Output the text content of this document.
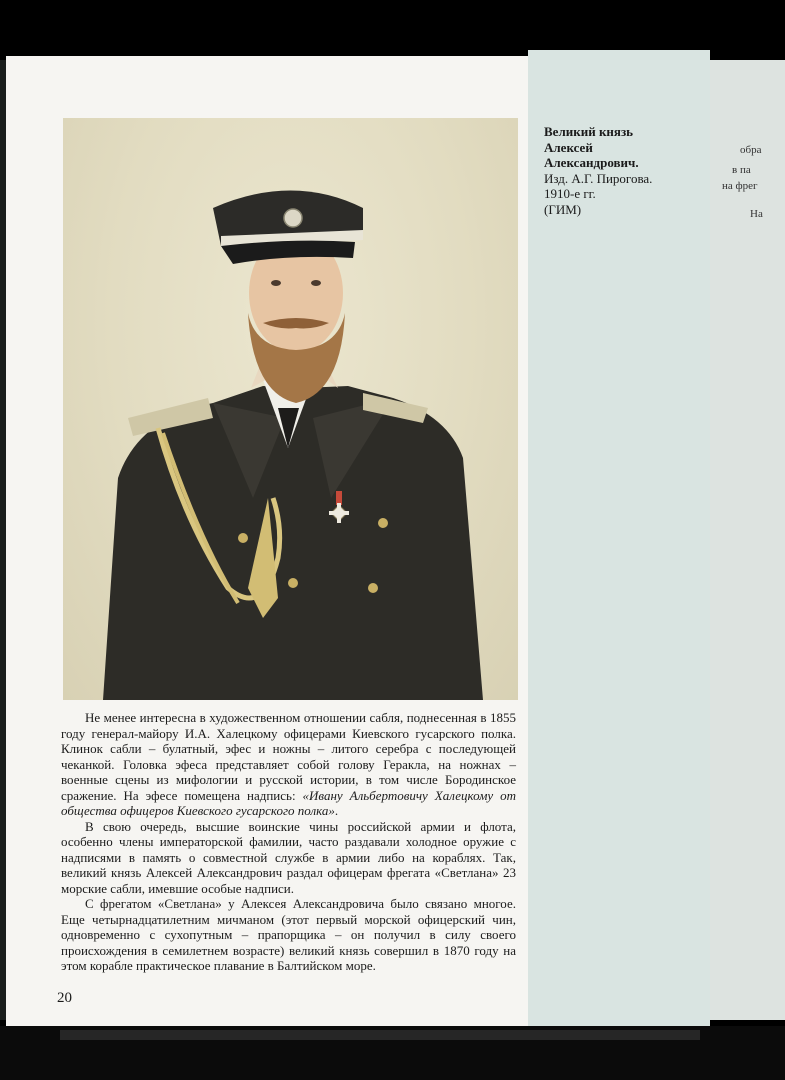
обра
в па
на фрег
На
Великий князь
Алексей
Александрович.
Изд. А.Г. Пирогова.
1910-е гг.
(ГИМ)

Не менее интересна в художественном отношении сабля, поднесенная в 1855 году генерал-майору И.А. Халецкому офицерами Киевского гусарского полка. Клинок сабли – булатный, эфес и ножны – литого серебра с последующей чеканкой. Головка эфеса представляет собой голову Геракла, на ножнах – военные сцены из мифологии и русской истории, в том числе Бородинское сражение. На эфесе помещена надпись: «Ивану Альбертовичу Халецкому от общества офицеров Киевского гусарского полка».

В свою очередь, высшие воинские чины российской армии и флота, особенно члены императорской фамилии, часто раздавали холодное оружие с надписями в память о совместной службе в армии либо на кораблях. Так, великий князь Алексей Александрович раздал офицерам фрегата «Светлана» 23 морские сабли, имевшие особые надписи.

С фрегатом «Светлана» у Алексея Александровича было связано многое. Еще четырнадцатилетним мичманом (этот первый морской офицерский чин, одновременно с сухопутным – прапорщика – он получил в силу своего происхождения в семилетнем возрасте) великий князь совершил в 1870 году на этом корабле практическое плавание в Балтийском море.

20
